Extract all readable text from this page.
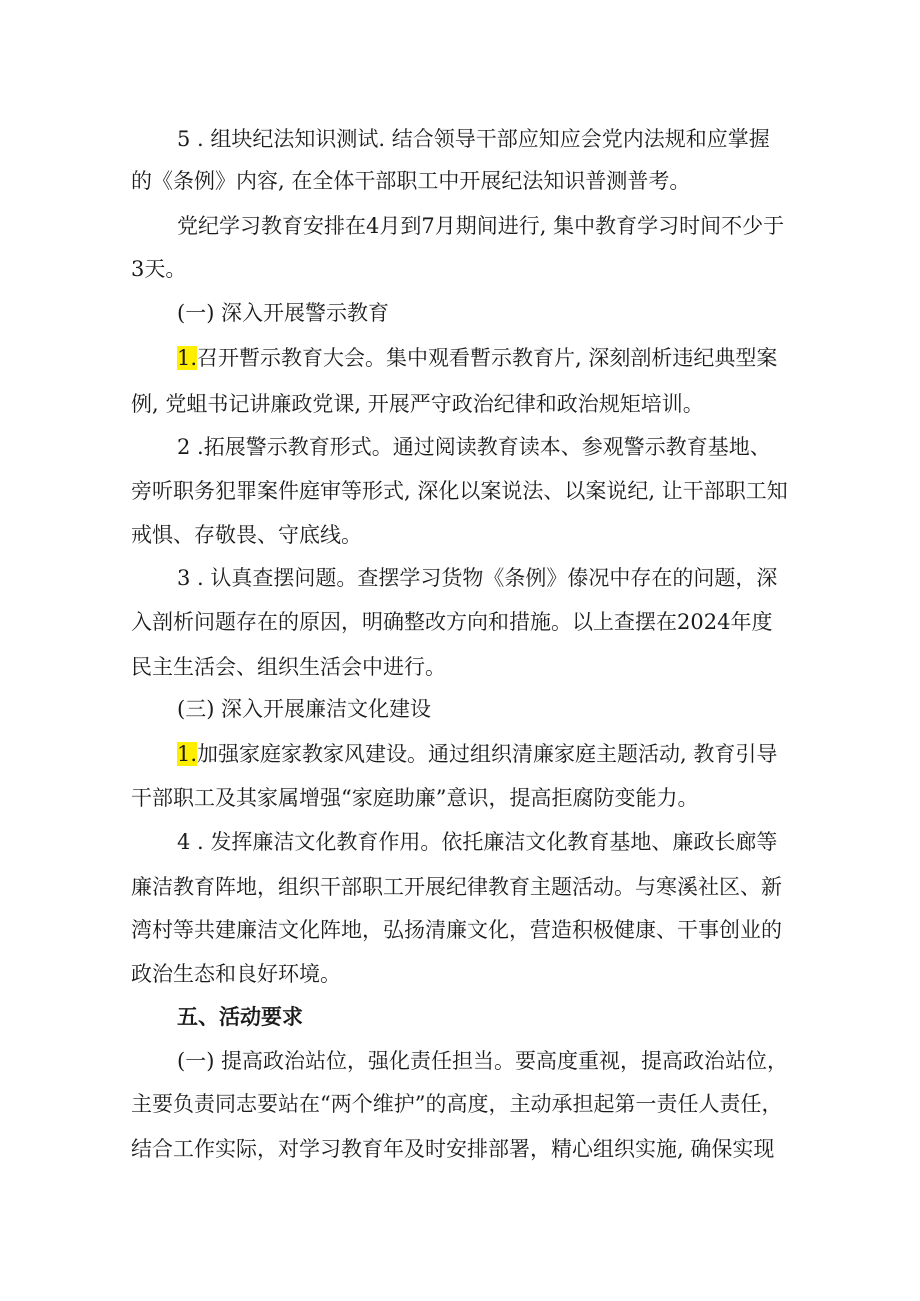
5 . 组块纪法知识测试. 结合领导干部应知应会党内法规和应掌握
的《条例》内容, 在全体干部职工中开展纪法知识普测普考。
党纪学习教育安排在4月到7月期间进行, 集中教育学习时间不少于
3天。
(一) 深入开展警示教育
1.召开暫示教育大会。集中观看暫示教育片, 深刻剖析违纪典型案
例, 党蛆书记讲廉政党课, 开展严守政治纪律和政治规矩培训。
2 .拓展警示教育形式。通过阅读教育读本、参观警示教育基地、
旁听职务犯罪案件庭审等形式, 深化以案说法、以案说纪, 让干部职工知
戒惧、存敬畏、守底线。
3 . 认真查摆问题。查摆学习货物《条例》傣况中存在的问题，深
入剖析问题存在的原因，明确整改方向和措施。以上查摆在2024年度
民主生活会、组织生活会中进行。
(三) 深入开展廉洁文化建设
1.加强家庭家教家风建设。通过组织清廉家庭主题活动, 教育引导
干部职工及其家属增强“家庭助廉”意识，提高拒腐防变能力。
4 . 发挥廉洁文化教育作用。依托廉洁文化教育基地、廉政长廊等
廉洁教育阵地，组织干部职工开展纪律教育主题活动。与寒溪社区、新
湾村等共建廉洁文化阵地，弘扬清廉文化，营造积极健康、干事创业的
政治生态和良好环境。
五、活动要求
(一) 提高政治站位，强化责任担当。要高度重视，提高政治站位，
主要负责同志要站在“两个维护”的高度，主动承担起第一责任人责任，
结合工作实际，对学习教育年及时安排部署，精心组织实施, 确保实现
